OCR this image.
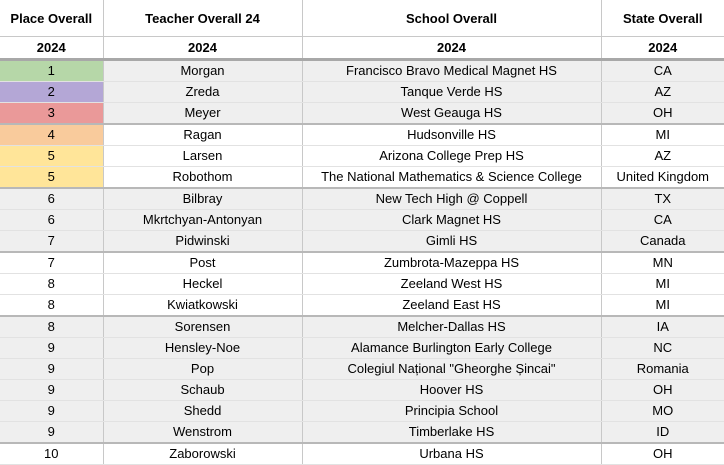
Place Overall	Teacher Overall 24	School Overall	State Overall
2024	2024	2024	2024
1	Morgan	Francisco Bravo Medical Magnet HS	CA
2	Zreda	Tanque Verde HS	AZ
3	Meyer	West Geauga HS	OH
4	Ragan	Hudsonville HS	MI
5	Larsen	Arizona College Prep HS	AZ
5	Robothom	The National Mathematics & Science College	United Kingdom
6	Bilbray	New Tech High @ Coppell	TX
6	Mkrtchyan-Antonyan	Clark Magnet HS	CA
7	Pidwinski	Gimli HS	Canada
7	Post	Zumbrota-Mazeppa HS	MN
8	Heckel	Zeeland West HS	MI
8	Kwiatkowski	Zeeland East HS	MI
8	Sorensen	Melcher-Dallas HS	IA
9	Hensley-Noe	Alamance Burlington Early College	NC
9	Pop	Colegiul Național "Gheorghe Șincai"	Romania
9	Schaub	Hoover HS	OH
9	Shedd	Principia School	MO
9	Wenstrom	Timberlake HS	ID
10	Zaborowski	Urbana HS	OH
